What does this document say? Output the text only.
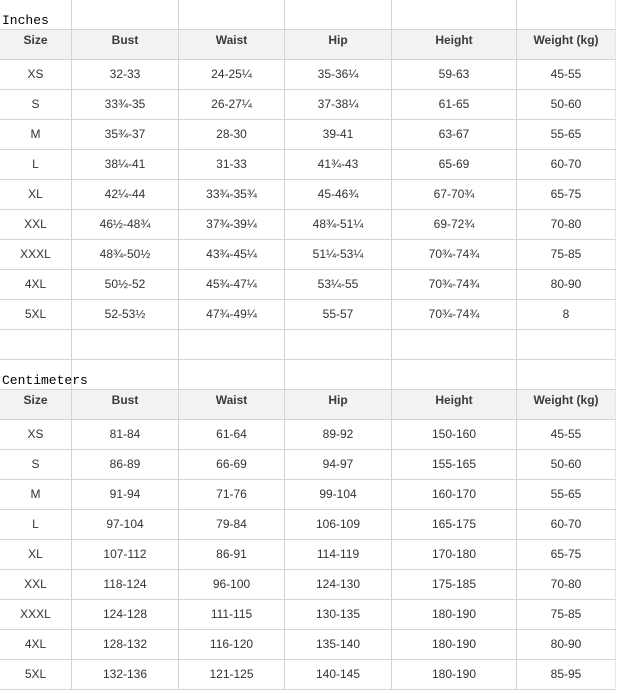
Inches
Size	Bust	Waist	Hip	Height	Weight (kg)
XS	32-33	24-25¼	35-36¼	59-63	45-55
S	33¾-35	26-27¼	37-38¼	61-65	50-60
M	35¾-37	28-30	39-41	63-67	55-65
L	38¼-41	31-33	41¾-43	65-69	60-70
XL	42¼-44	33¾-35¾	45-46¾	67-70¾	65-75
XXL	46½-48¾	37¾-39¼	48¾-51¼	69-72¾	70-80
XXXL	48¾-50½	43¾-45¼	51¼-53¼	70¾-74¾	75-85
4XL	50½-52	45¾-47¼	53¼-55	70¾-74¾	80-90
5XL	52-53½	47¾-49¼	55-57	70¾-74¾	8
Centimeters
Size	Bust	Waist	Hip	Height	Weight (kg)
XS	81-84	61-64	89-92	150-160	45-55
S	86-89	66-69	94-97	155-165	50-60
M	91-94	71-76	99-104	160-170	55-65
L	97-104	79-84	106-109	165-175	60-70
XL	107-112	86-91	114-119	170-180	65-75
XXL	118-124	96-100	124-130	175-185	70-80
XXXL	124-128	111-115	130-135	180-190	75-85
4XL	128-132	116-120	135-140	180-190	80-90
5XL	132-136	121-125	140-145	180-190	85-95
